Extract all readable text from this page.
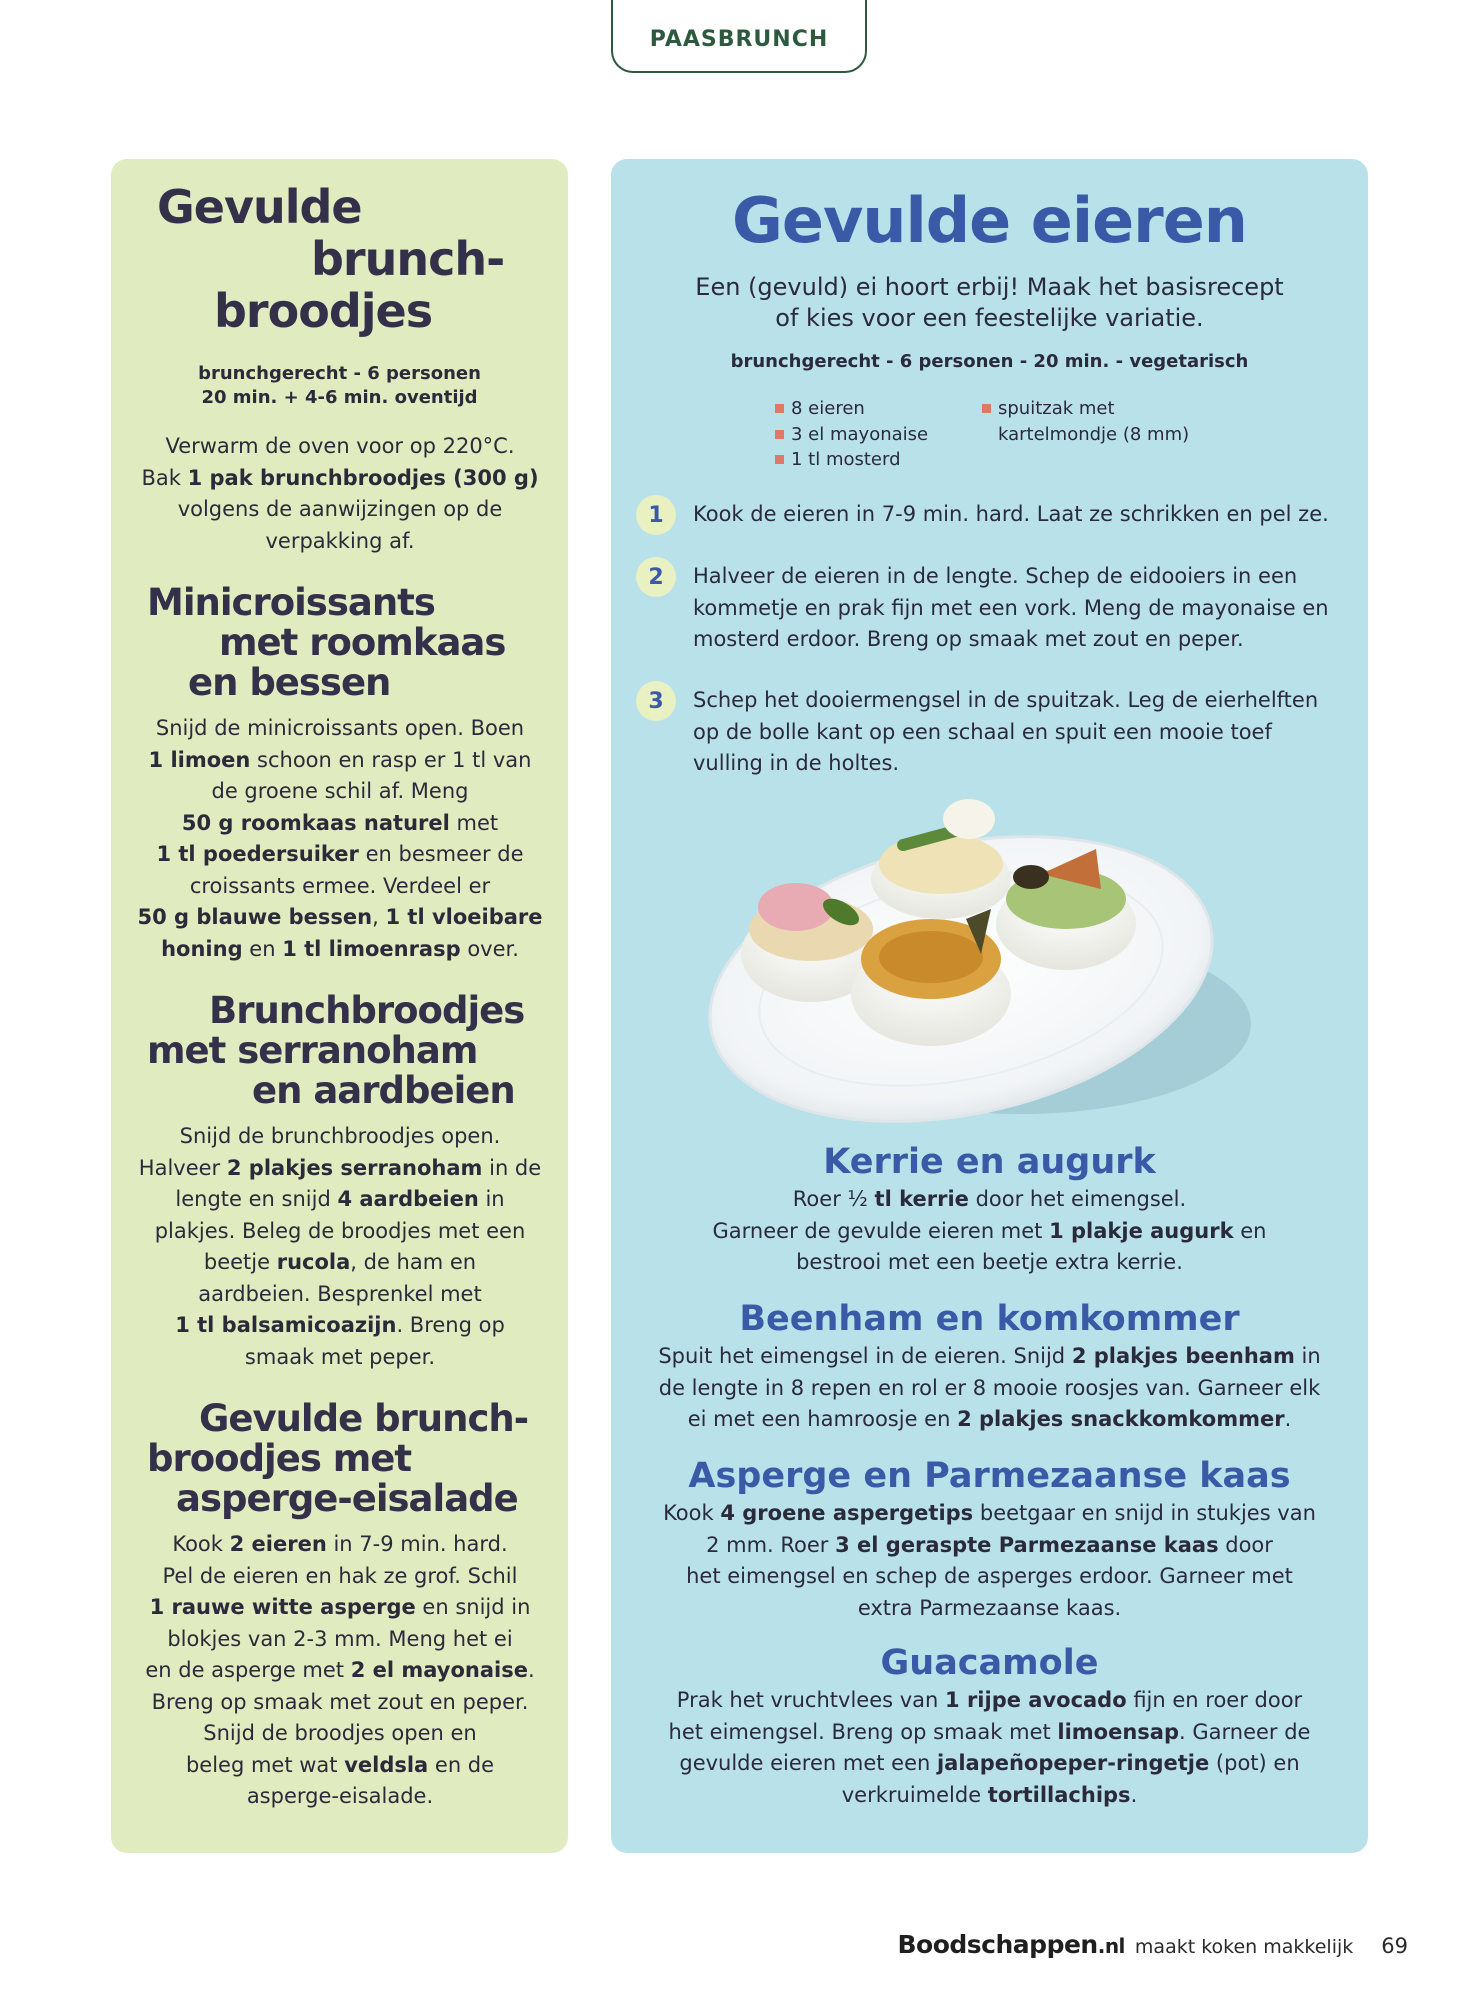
PAASBRUNCH
Gevulde
brunch-
broodjes
brunchgerecht - 6 personen
20 min. + 4-6 min. oventijd
Verwarm de oven voor op 220°C.
Bak 1 pak brunchbroodjes (300 g)
volgens de aanwijzingen op de
verpakking af.
Minicroissants
met roomkaas
en bessen
Snijd de minicroissants open. Boen
1 limoen schoon en rasp er 1 tl van
de groene schil af. Meng
50 g roomkaas naturel met
1 tl poedersuiker en besmeer de
croissants ermee. Verdeel er
50 g blauwe bessen, 1 tl vloeibare
honing en 1 tl limoenrasp over.
Brunchbroodjes
met serranoham
en aardbeien
Snijd de brunchbroodjes open.
Halveer 2 plakjes serranoham in de
lengte en snijd 4 aardbeien in
plakjes. Beleg de broodjes met een
beetje rucola, de ham en
aardbeien. Besprenkel met
1 tl balsamicoazijn. Breng op
smaak met peper.
Gevulde brunch-
broodjes met
asperge-eisalade
Kook 2 eieren in 7-9 min. hard.
Pel de eieren en hak ze grof. Schil
1 rauwe witte asperge en snijd in
blokjes van 2-3 mm. Meng het ei
en de asperge met 2 el mayonaise.
Breng op smaak met zout en peper.
Snijd de broodjes open en
beleg met wat veldsla en de
asperge-eisalade.
Gevulde eieren
Een (gevuld) ei hoort erbij! Maak het basisrecept
of kies voor een feestelijke variatie.
brunchgerecht - 6 personen - 20 min. - vegetarisch
8 eieren
3 el mayonaise
1 tl mosterd
spuitzak met kartelmondje (8 mm)
1	Kook de eieren in 7-9 min. hard. Laat ze schrikken en pel ze.
2	Halveer de eieren in de lengte. Schep de eidooiers in een kommetje en prak fijn met een vork. Meng de mayonaise en mosterd erdoor. Breng op smaak met zout en peper.
3	Schep het dooiermengsel in de spuitzak. Leg de eierhelften op de bolle kant op een schaal en spuit een mooie toef vulling in de holtes.
Kerrie en augurk
Roer ½ tl kerrie door het eimengsel.
Garneer de gevulde eieren met 1 plakje augurk en
bestrooi met een beetje extra kerrie.
Beenham en komkommer
Spuit het eimengsel in de eieren. Snijd 2 plakjes beenham in
de lengte in 8 repen en rol er 8 mooie roosjes van. Garneer elk
ei met een hamroosje en 2 plakjes snackkomkommer.
Asperge en Parmezaanse kaas
Kook 4 groene aspergetips beetgaar en snijd in stukjes van
2 mm. Roer 3 el geraspte Parmezaanse kaas door
het eimengsel en schep de asperges erdoor. Garneer met
extra Parmezaanse kaas.
Guacamole
Prak het vruchtvlees van 1 rijpe avocado fijn en roer door
het eimengsel. Breng op smaak met limoensap. Garneer de
gevulde eieren met een jalapeñopeper-ringetje (pot) en
verkruimelde tortillachips.
Boodschappen.nl maakt koken makkelijk 69
